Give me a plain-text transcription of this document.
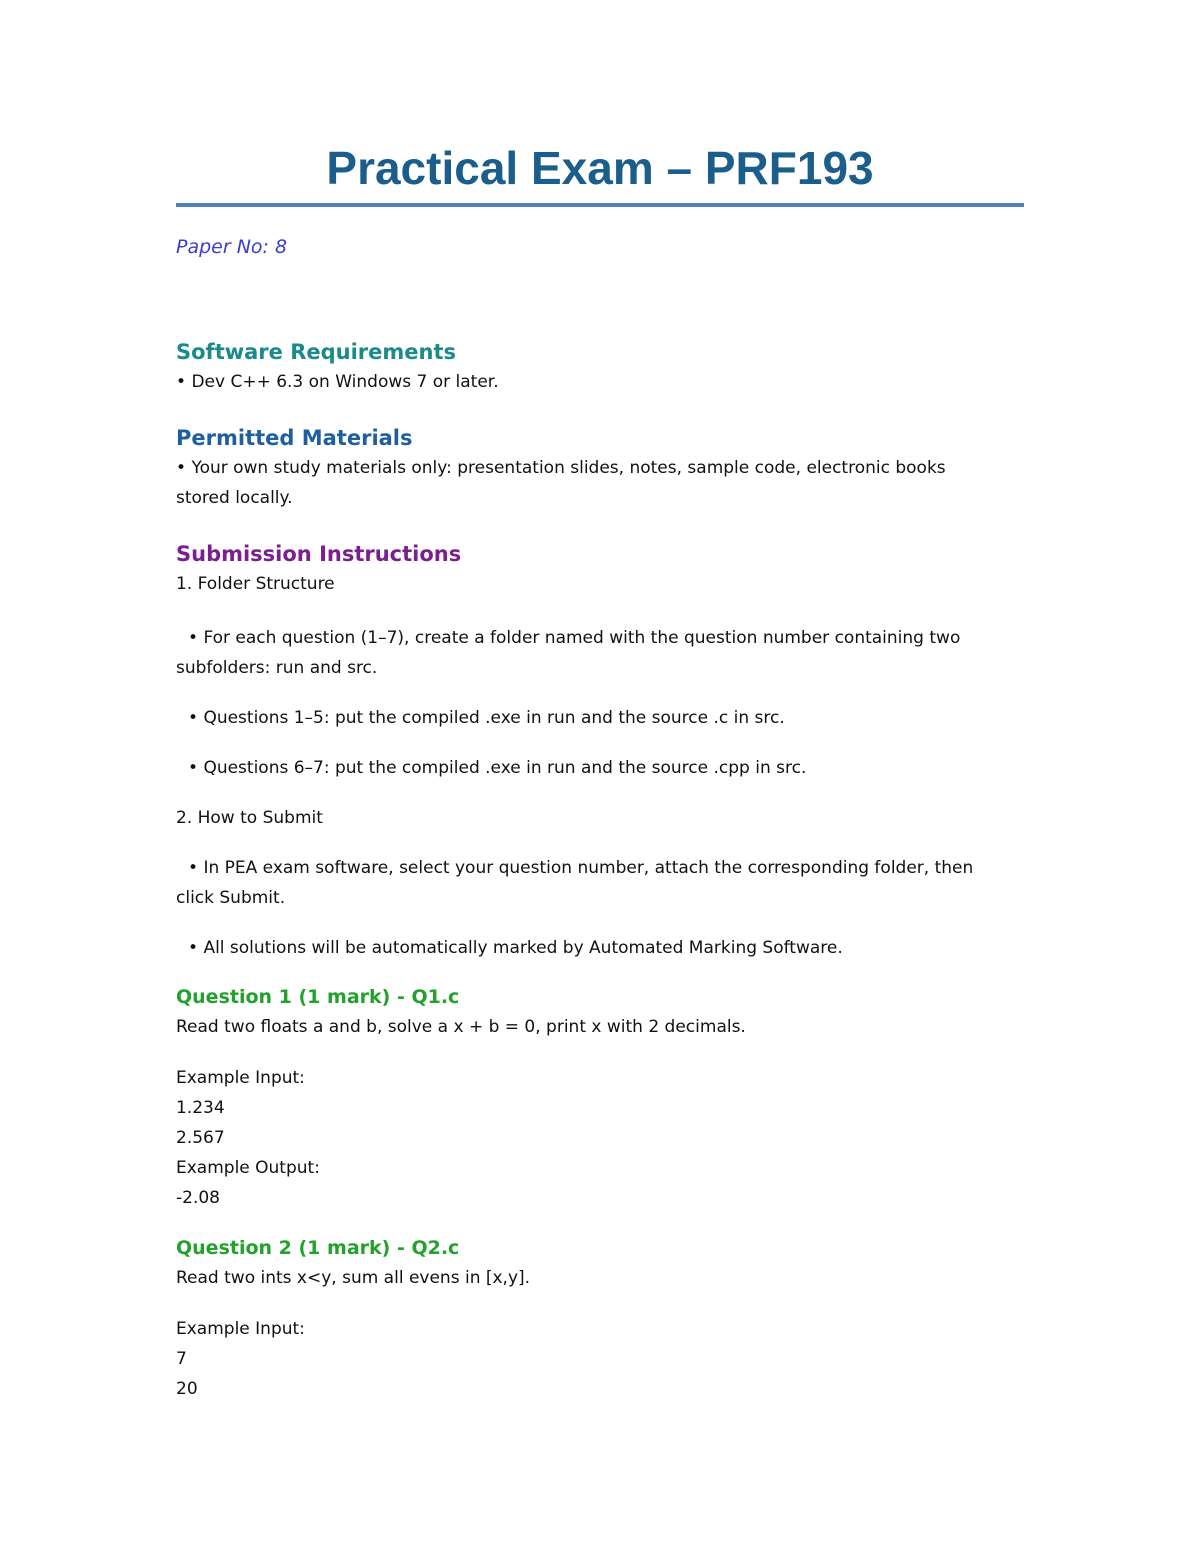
Practical Exam – PRF193
Paper No: 8
Software Requirements
• Dev C++ 6.3 on Windows 7 or later.
Permitted Materials
• Your own study materials only: presentation slides, notes, sample code, electronic books
stored locally.
Submission Instructions
1. Folder Structure
• For each question (1–7), create a folder named with the question number containing two
subfolders: run and src.
• Questions 1–5: put the compiled .exe in run and the source .c in src.
• Questions 6–7: put the compiled .exe in run and the source .cpp in src.
2. How to Submit
• In PEA exam software, select your question number, attach the corresponding folder, then
click Submit.
• All solutions will be automatically marked by Automated Marking Software.
Question 1 (1 mark) - Q1.c
Read two floats a and b, solve a x + b = 0, print x with 2 decimals.
Example Input:
1.234
2.567
Example Output:
-2.08
Question 2 (1 mark) - Q2.c
Read two ints x<y, sum all evens in [x,y].
Example Input:
7
20
